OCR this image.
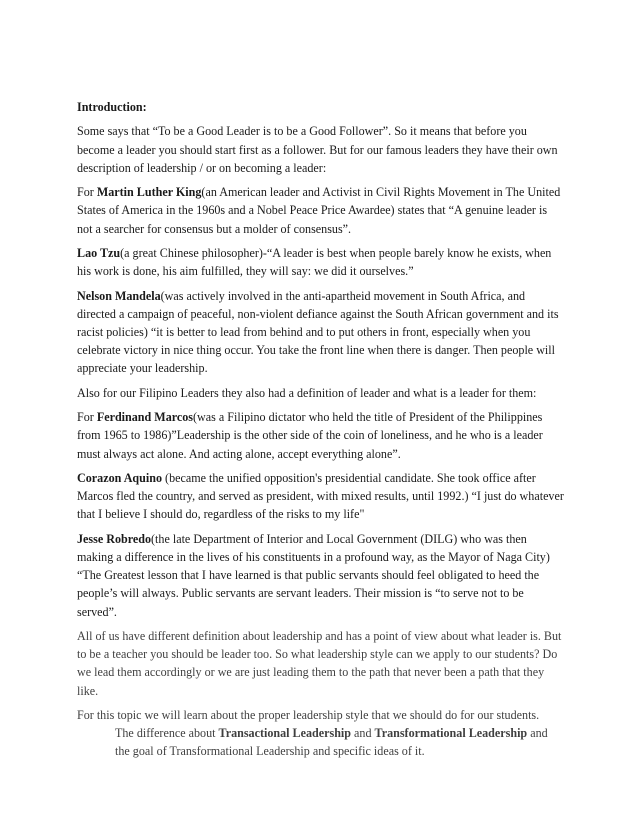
Introduction:

Some says that “To be a Good Leader is to be a Good Follower”. So it means that before you become a leader you should start first as a follower. But for our famous leaders they have their own description of leadership / or on becoming a leader:

For Martin Luther King(an American leader and Activist in Civil Rights Movement in The United States of America in the 1960s and a Nobel Peace Price Awardee) states that “A genuine leader is not a searcher for consensus but a molder of consensus”.

Lao Tzu(a great Chinese philosopher)-“A leader is best when people barely know he exists, when his work is done, his aim fulfilled, they will say: we did it ourselves.”

Nelson Mandela(was actively involved in the anti-apartheid movement in South Africa, and directed a campaign of peaceful, non-violent defiance against the South African government and its racist policies) “it is better to lead from behind and to put others in front, especially when you celebrate victory in nice thing occur. You take the front line when there is danger. Then people will appreciate your leadership.

Also for our Filipino Leaders they also had a definition of leader and what is a leader for them:

For Ferdinand Marcos(was a Filipino dictator who held the title of President of the Philippines from 1965 to 1986)”Leadership is the other side of the coin of loneliness, and he who is a leader must always act alone. And acting alone, accept everything alone”.

Corazon Aquino (became the unified opposition's presidential candidate. She took office after Marcos fled the country, and served as president, with mixed results, until 1992.) “I just do whatever that I believe I should do, regardless of the risks to my life"

Jesse Robredo(the late Department of Interior and Local Government (DILG) who was then making a difference in the lives of his constituents in a profound way, as the Mayor of Naga City) “The Greatest lesson that I have learned is that public servants should feel obligated to heed the people’s will always. Public servants are servant leaders. Their mission is “to serve not to be served”.

All of us have different definition about leadership and has a point of view about what leader is. But to be a teacher you should be leader too. So what leadership style can we apply to our students? Do we lead them accordingly or we are just leading them to the path that never been a path that they like.

For this topic we will learn about the proper leadership style that we should do for our students.
The difference about Transactional Leadership and Transformational Leadership and the goal of Transformational Leadership and specific ideas of it.
